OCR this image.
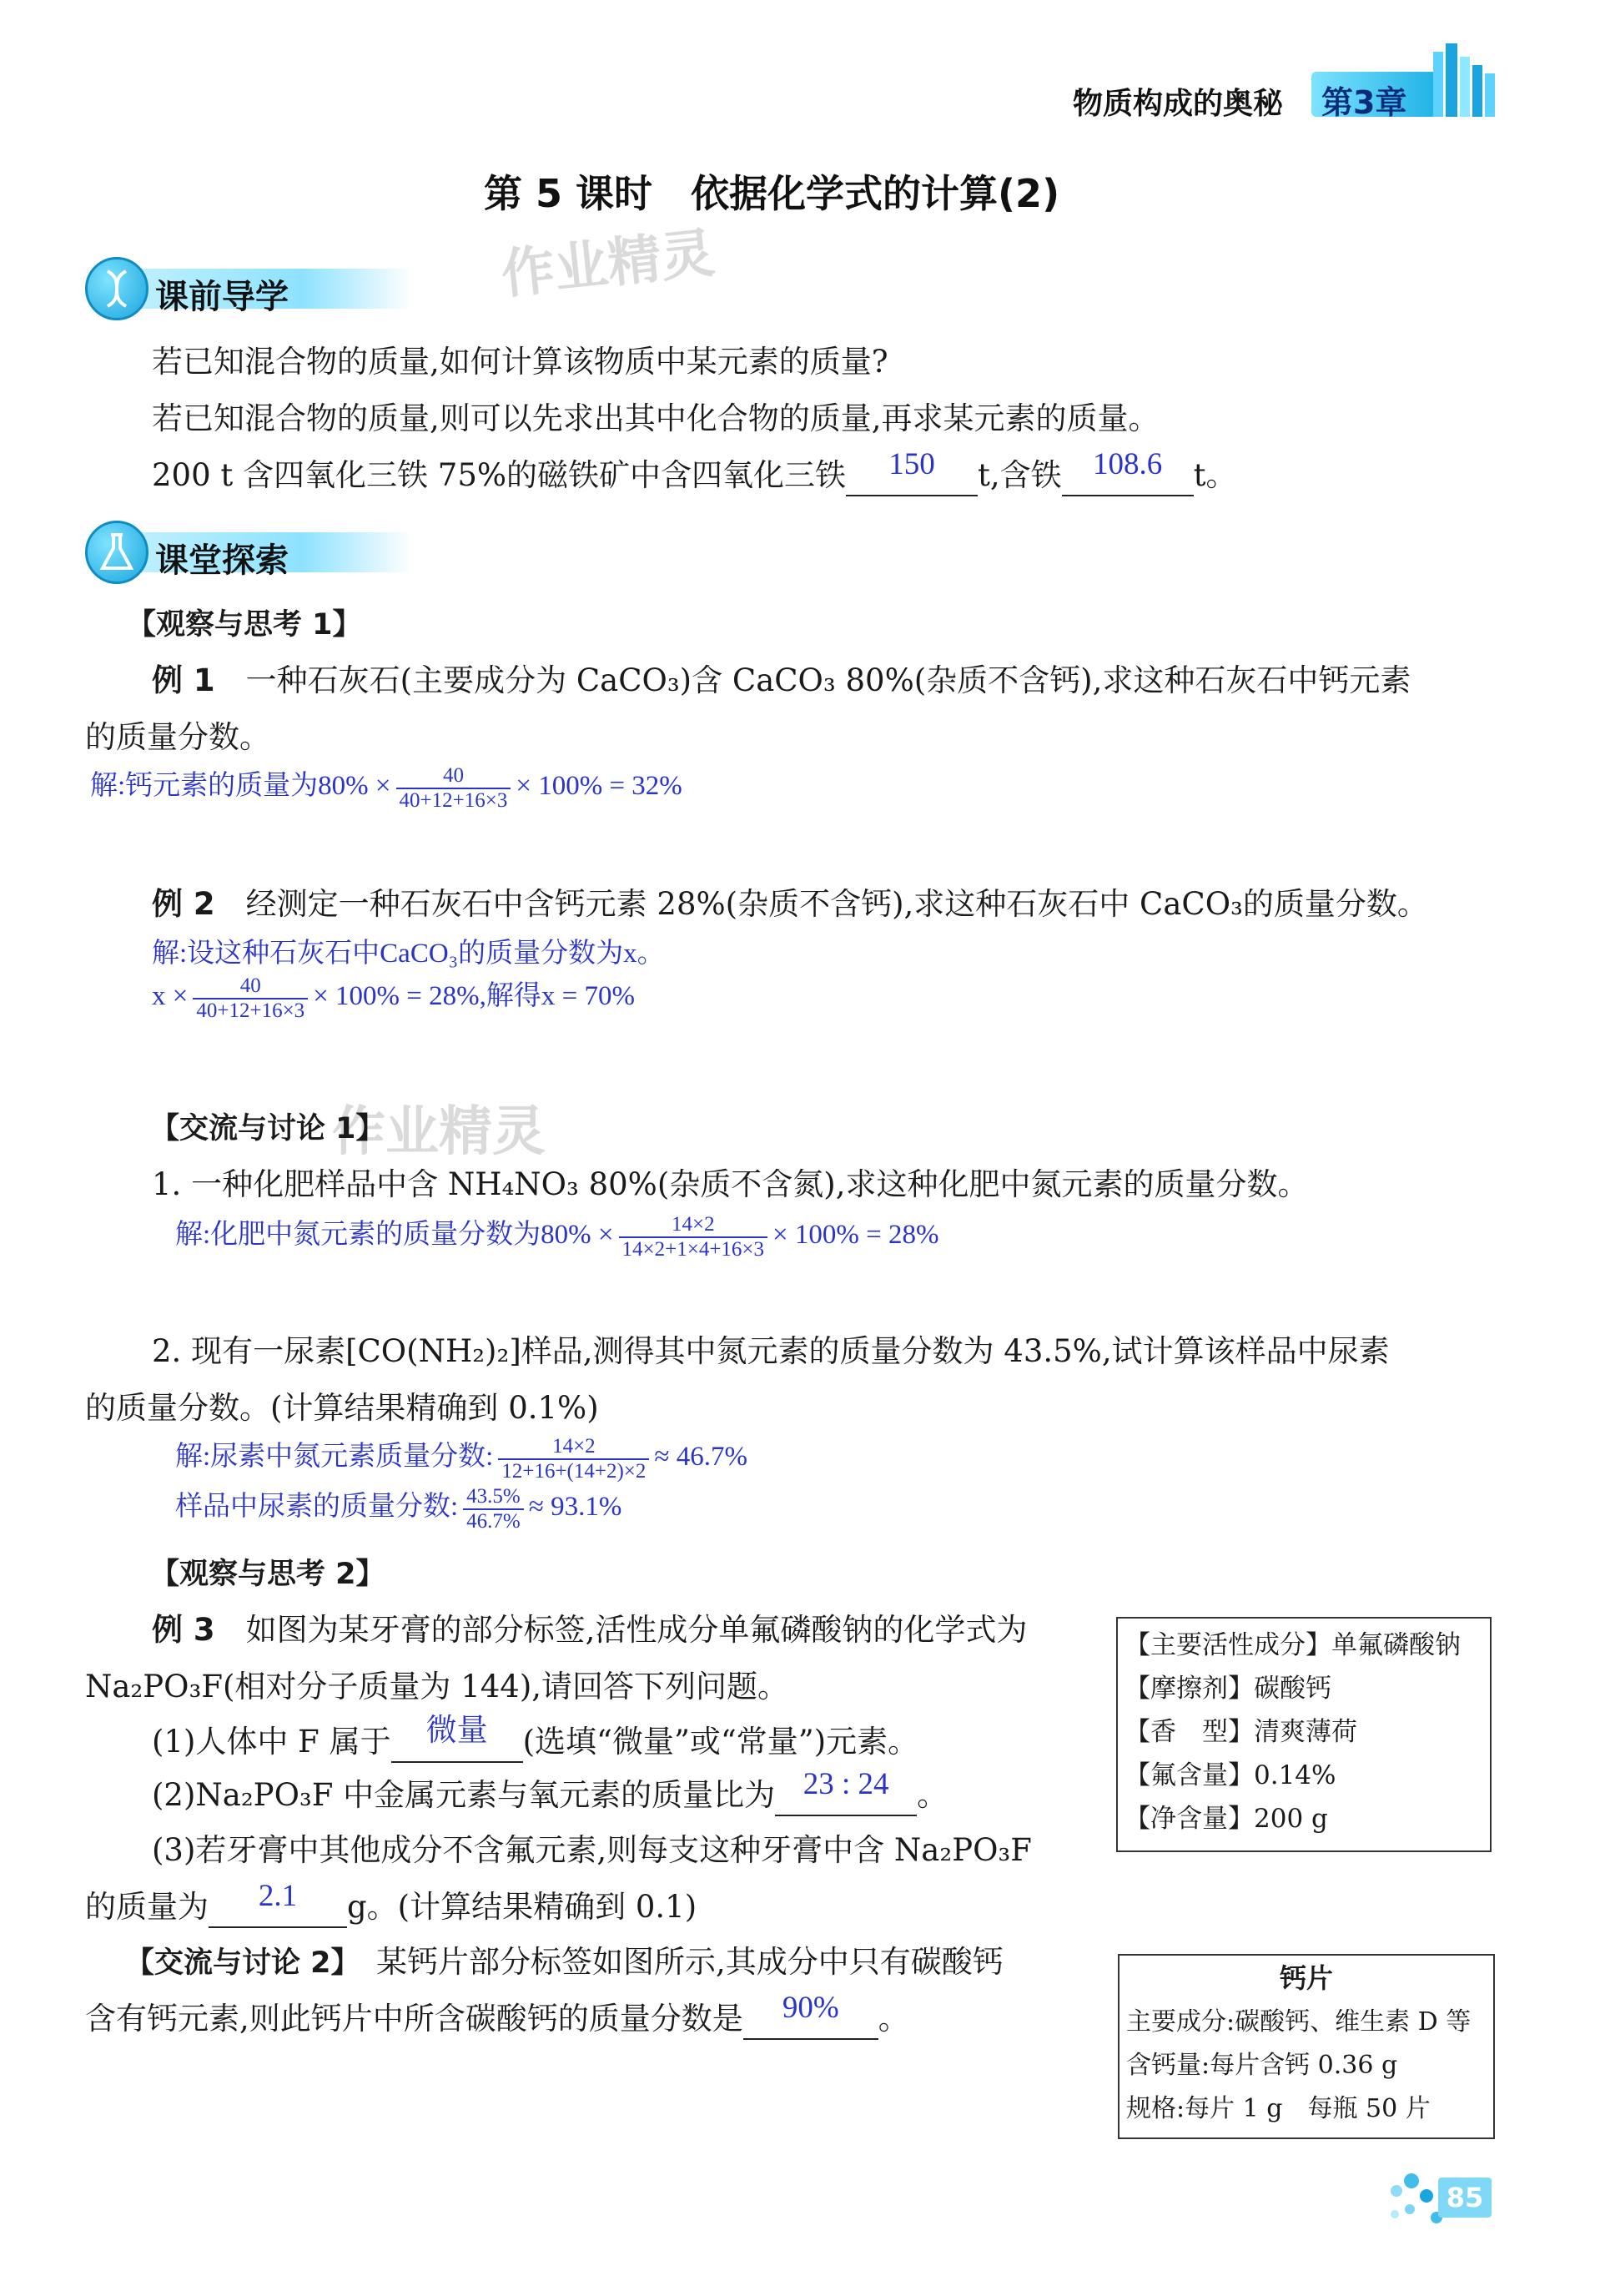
物质构成的奥秘 第3章
第 5 课时　依据化学式的计算(2)
作业精灵
作业精灵
课前导学
若已知混合物的质量,如何计算该物质中某元素的质量?
若已知混合物的质量,则可以先求出其中化合物的质量,再求某元素的质量。
200 t 含四氧化三铁 75%的磁铁矿中含四氧化三铁 150 t,含铁 108.6 t。
课堂探索
【观察与思考 1】
例 1　 一种石灰石(主要成分为 CaCO₃)含 CaCO₃ 80%(杂质不含钙),求这种石灰石中钙元素
的质量分数。
解:钙元素的质量为$80\% \times \frac{40}{40+12+16\times 3} \times 100\% = 32\%$
例 2　 经测定一种石灰石中含钙元素 28%(杂质不含钙),求这种石灰石中 CaCO₃的质量分数。
解:设这种石灰石中CaCO₃的质量分数为x。
$x \times \frac{40}{40+12+16\times 3} \times 100\% = 28\%$,解得x = 70%
【交流与讨论 1】
1. 一种化肥样品中含 NH₄NO₃ 80%(杂质不含氮),求这种化肥中氮元素的质量分数。
解:化肥中氮元素的质量分数为$80\% \times \frac{14\times 2}{14\times 2+1\times 4+16\times 3} \times 100\% = 28\%$
2. 现有一尿素[CO(NH₂)₂]样品,测得其中氮元素的质量分数为 43.5%,试计算该样品中尿素
的质量分数。(计算结果精确到 0.1%)
解:尿素中氮元素质量分数: $\frac{14\times 2}{12+16+(14+2)\times 2} \approx 46.7\%$
样品中尿素的质量分数: $\frac{43.5\%}{46.7\%} \approx 93.1\%$
【观察与思考 2】
例 3　 如图为某牙膏的部分标签,活性成分单氟磷酸钠的化学式为
Na₂PO₃F(相对分子质量为 144),请回答下列问题。
(1)人体中 F 属于 微量 (选填“微量”或“常量”)元素。
(2)Na₂PO₃F 中金属元素与氧元素的质量比为 23 : 24 。
(3)若牙膏中其他成分不含氟元素,则每支这种牙膏中含 Na₂PO₃F
的质量为 2.1 g。(计算结果精确到 0.1)
【交流与讨论 2】　 某钙片部分标签如图所示,其成分中只有碳酸钙
含有钙元素,则此钙片中所含碳酸钙的质量分数是 90% 。
【主要活性成分】单氟磷酸钠
【摩擦剂】碳酸钙
【香　型】清爽薄荷
【氟含量】0.14%
【净含量】200 g
钙片
主要成分:碳酸钙、维生素 D 等
含钙量:每片含钙 0.36 g
规格:每片 1 g　每瓶 50 片
85
